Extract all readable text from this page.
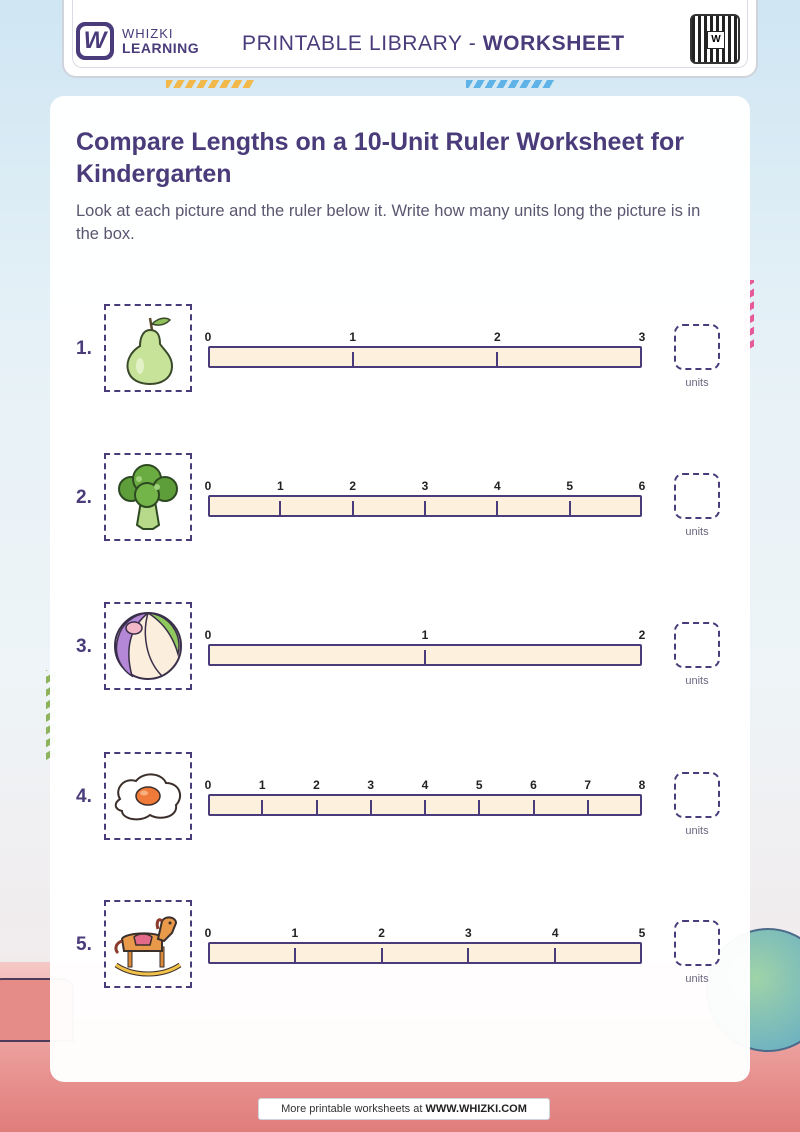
W WHIZKI
LEARNING PRINTABLE LIBRARY - WORKSHEET	W
Compare Lengths on a 10-Unit Ruler Worksheet for Kindergarten

Look at each picture and the ruler below it. Write how many units long the picture is in the box.

1.
units
0	1	2	3
2.
units
0	1	2	3	4	5	6
3.
units
0	1	2
4.
units
0	1	2	3	4	5	6	7	8
5.
units
0	1	2	3	4	5
More printable worksheets at WWW.WHIZKI.COM
